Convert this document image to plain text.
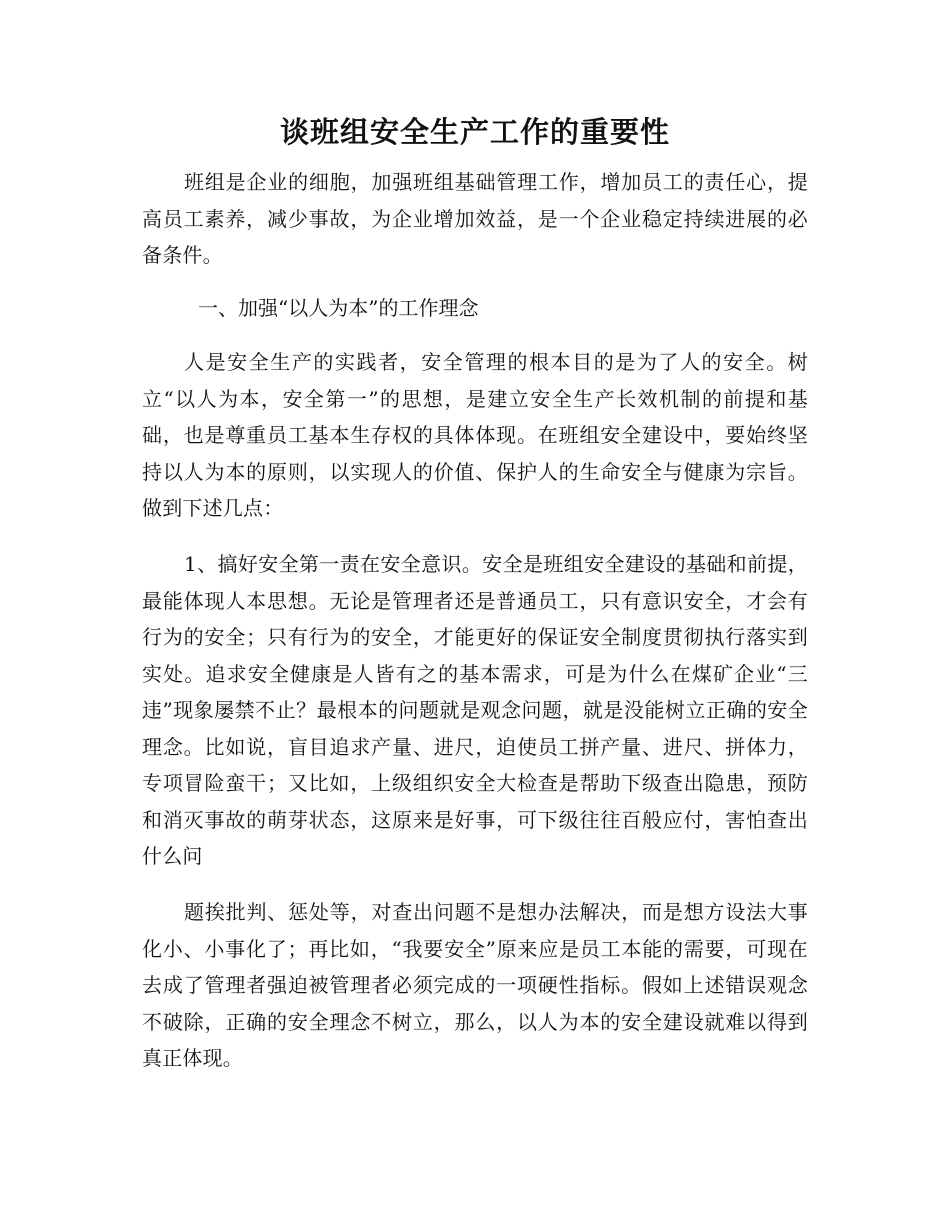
谈班组安全生产工作的重要性

班组是企业的细胞，加强班组基础管理工作，增加员工的责任心，提高员工素养，减少事故，为企业增加效益，是一个企业稳定持续进展的必备条件。

一、加强“以人为本”的工作理念

人是安全生产的实践者，安全管理的根本目的是为了人的安全。树立“以人为本，安全第一”的思想，是建立安全生产长效机制的前提和基础，也是尊重员工基本生存权的具体体现。在班组安全建设中，要始终坚持以人为本的原则，以实现人的价值、保护人的生命安全与健康为宗旨。做到下述几点：

1、搞好安全第一责在安全意识。安全是班组安全建设的基础和前提，最能体现人本思想。无论是管理者还是普通员工，只有意识安全，才会有行为的安全；只有行为的安全，才能更好的保证安全制度贯彻执行落实到实处。追求安全健康是人皆有之的基本需求，可是为什么在煤矿企业“三违”现象屡禁不止？最根本的问题就是观念问题，就是没能树立正确的安全理念。比如说，盲目追求产量、进尺，迫使员工拼产量、进尺、拼体力，专项冒险蛮干；又比如，上级组织安全大检查是帮助下级查出隐患，预防和消灭事故的萌芽状态，这原来是好事，可下级往往百般应付，害怕查出什么问

题挨批判、惩处等，对查出问题不是想办法解决，而是想方设法大事化小、小事化了；再比如，“我要安全”原来应是员工本能的需要，可现在去成了管理者强迫被管理者必须完成的一项硬性指标。假如上述错误观念不破除，正确的安全理念不树立，那么，以人为本的安全建设就难以得到真正体现。
